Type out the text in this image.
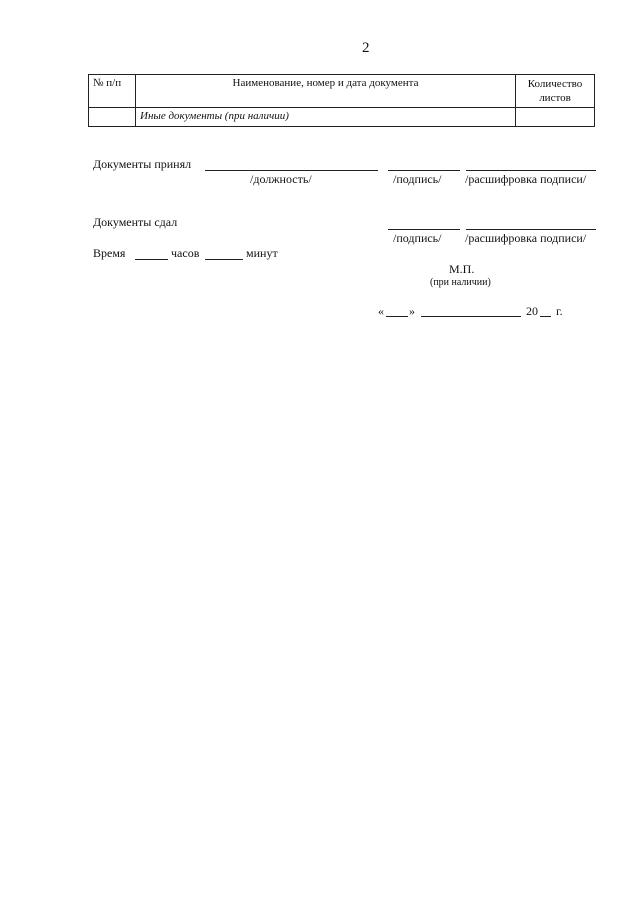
2
№ п/п	Наименование, номер и дата документа	Количество листов
	Иные документы (при наличии)	
Документы принял
/должность/	/подпись/ /расшифровка подписи/
Документы сдал
/подпись/ /расшифровка подписи/
Время	часов	минут
М.П.
(при наличии)
« »	20 г.
